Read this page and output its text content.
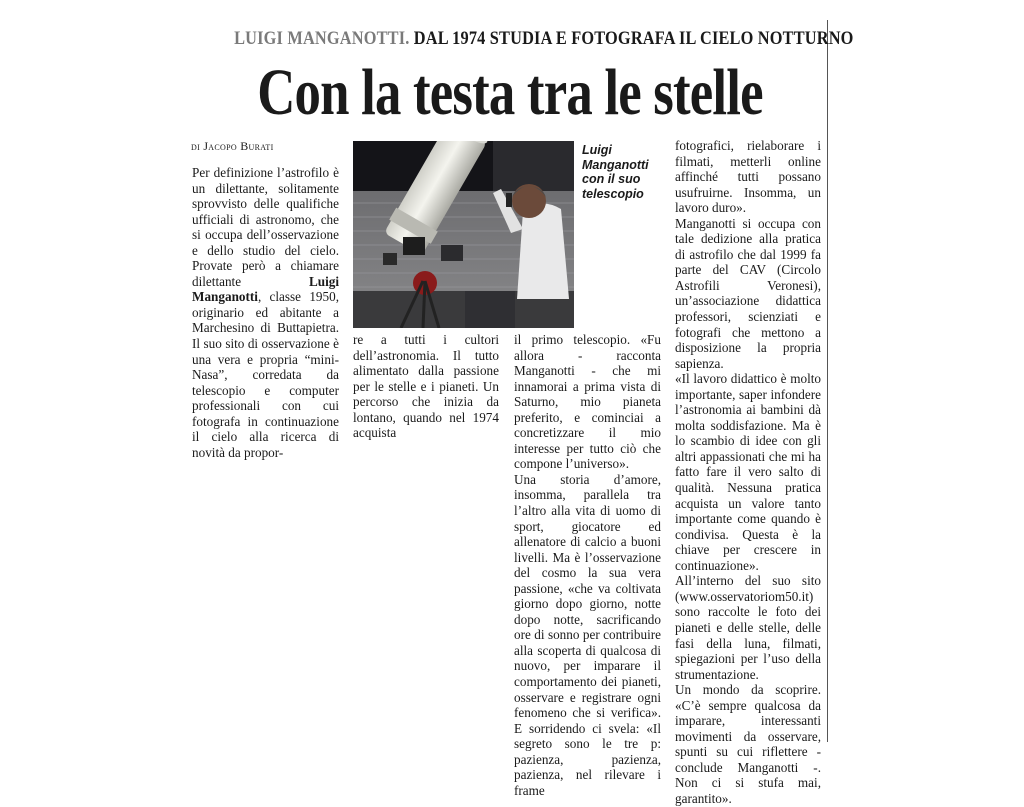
LUIGI MANGANOTTI. DAL 1974 STUDIA E FOTOGRAFA IL CIELO NOTTURNO
Con la testa tra le stelle
di Jacopo Burati

Per definizione l’astrofilo è un dilettante, solitamente sprovvisto delle qualifiche ufficiali di astronomo, che si occupa dell’osservazione e dello studio del cielo. Provate però a chiamare dilettante Luigi Manganotti, classe 1950, originario ed abitante a Marchesino di Buttapietra. Il suo sito di osservazione è una vera e propria “mini-Nasa”, corredata da telescopio e computer professionali con cui fotografa in continuazione il cielo alla ricerca di novità da propor-

Luigi Manganotti con il suo telescopio

re a tutti i cultori dell’astronomia. Il tutto alimentato dalla passione per le stelle e i pianeti. Un percorso che inizia da lontano, quando nel 1974 acquista

il primo telescopio. «Fu allora - racconta Manganotti - che mi innamorai a prima vista di Saturno, mio pianeta preferito, e cominciai a concretizzare il mio interesse per tutto ciò che compone l’universo».

Una storia d’amore, insomma, parallela tra l’altro alla vita di uomo di sport, giocatore ed allenatore di calcio a buoni livelli. Ma è l’osservazione del cosmo la sua vera passione, «che va coltivata giorno dopo giorno, notte dopo notte, sacrificando ore di sonno per contribuire alla scoperta di qualcosa di nuovo, per imparare il comportamento dei pianeti, osservare e registrare ogni fenomeno che si verifica». E sorridendo ci svela: «Il segreto sono le tre p: pazienza, pazienza, pazienza, nel rilevare i frame

fotografici, rielaborare i filmati, metterli online affinché tutti possano usufruirne. Insomma, un lavoro duro».

Manganotti si occupa con tale dedizione alla pratica di astrofilo che dal 1999 fa parte del CAV (Circolo Astrofili Veronesi), un’associazione didattica professori, scienziati e fotografi che mettono a disposizione la propria sapienza.

«Il lavoro didattico è molto importante, saper infondere l’astronomia ai bambini dà molta soddisfazione. Ma è lo scambio di idee con gli altri appassionati che mi ha fatto fare il vero salto di qualità. Nessuna pratica acquista un valore tanto importante come quando è condivisa. Questa è la chiave per crescere in continuazione».

All’interno del suo sito (www.osservatoriom50.it) sono raccolte le foto dei pianeti e delle stelle, delle fasi della luna, filmati, spiegazioni per l’uso della strumentazione.

Un mondo da scoprire. «C’è sempre qualcosa da imparare, interessanti movimenti da osservare, spunti su cui riflettere - conclude Manganotti -. Non ci si stufa mai, garantito».
